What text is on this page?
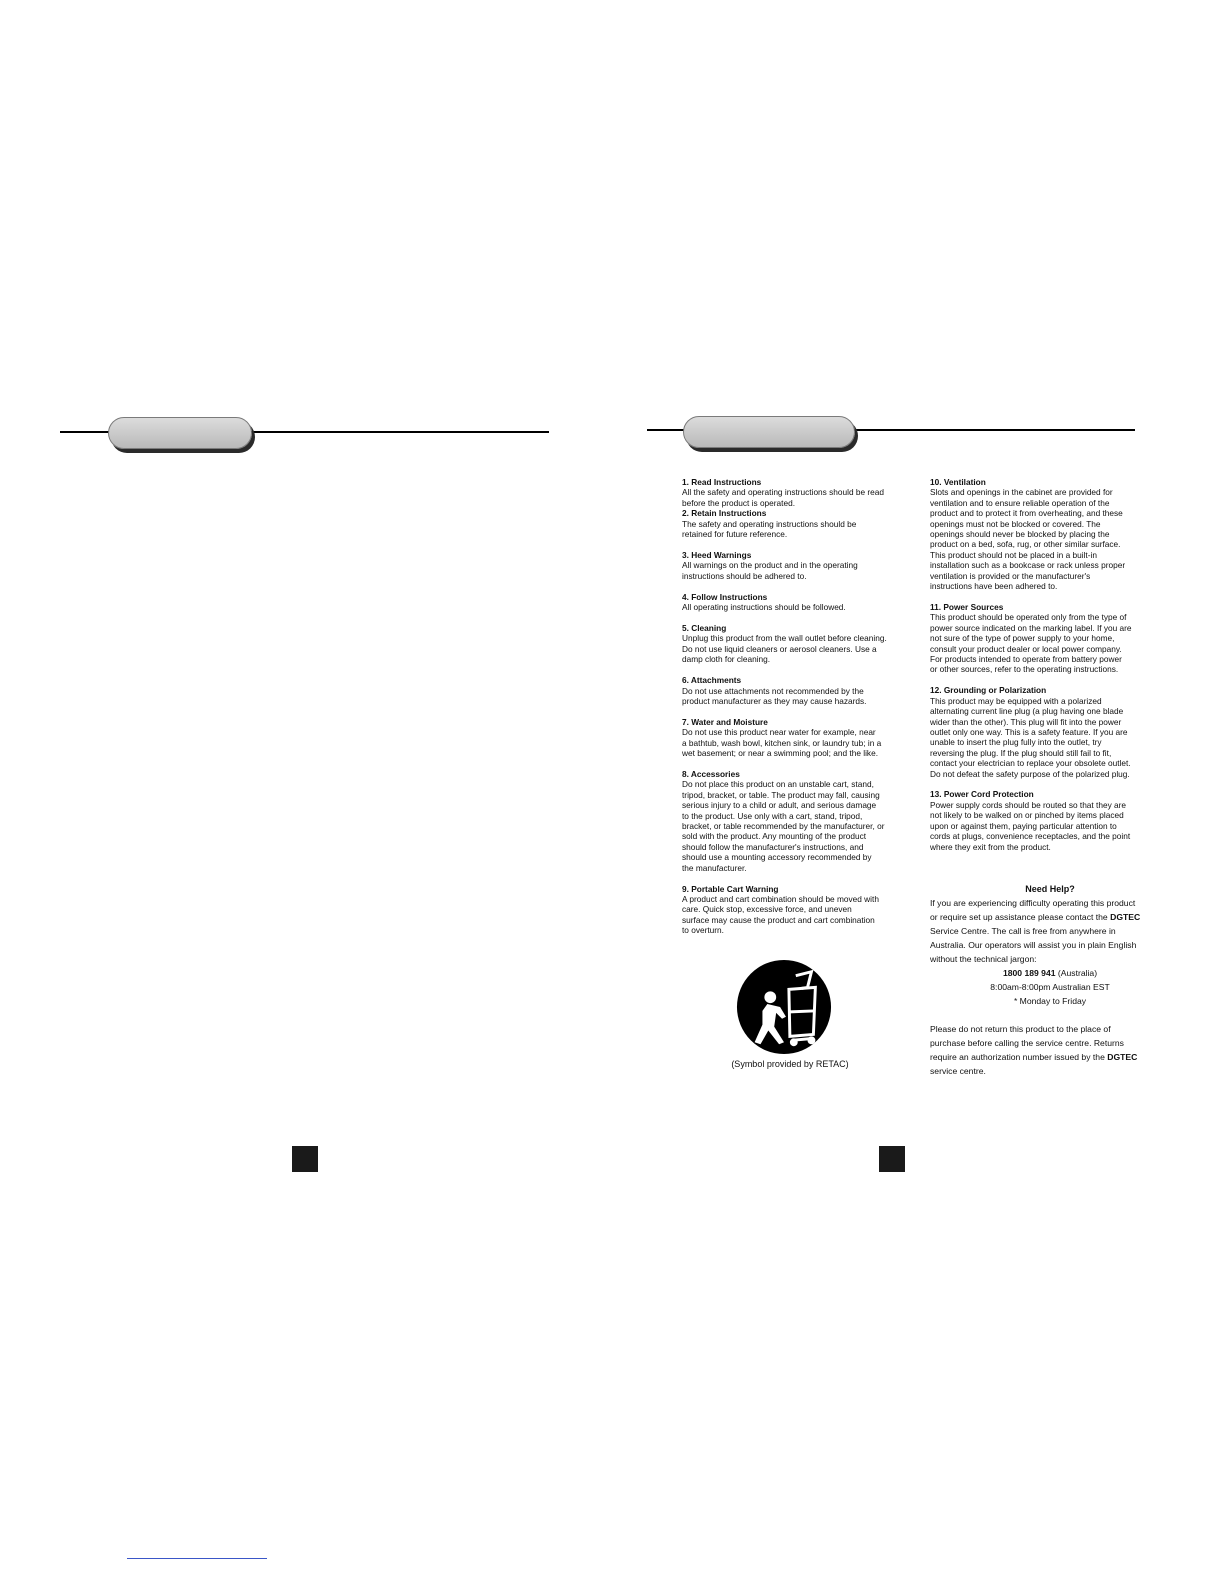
1. Read Instructions
All the safety and operating instructions should be read
before the product is operated.
2. Retain Instructions
The safety and operating instructions should be
retained for future reference.
3. Heed Warnings
All warnings on the product and in the operating
instructions should be adhered to.
4. Follow Instructions
All operating instructions should be followed.
5. Cleaning
Unplug this product from the wall outlet before cleaning.
Do not use liquid cleaners or aerosol cleaners. Use a
damp cloth for cleaning.
6. Attachments
Do not use attachments not recommended by the
product manufacturer as they may cause hazards.
7. Water and Moisture
Do not use this product near water for example, near
a bathtub, wash bowl, kitchen sink, or laundry tub; in a
wet basement; or near a swimming pool; and the like.
8. Accessories
Do not place this product on an unstable cart, stand,
tripod, bracket, or table. The product may fall, causing
serious injury to a child or adult, and serious damage
to the product. Use only with a cart, stand, tripod,
bracket, or table recommended by the manufacturer, or
sold with the product. Any mounting of the product
should follow the manufacturer's instructions, and
should use a mounting accessory recommended by
the manufacturer.
9. Portable Cart Warning
A product and cart combination should be moved with
care. Quick stop, excessive force, and uneven
surface may cause the product and cart combination
to overturn.
10. Ventilation
Slots and openings in the cabinet are provided for
ventilation and to ensure reliable operation of the
product and to protect it from overheating, and these
openings must not be blocked or covered. The
openings should never be blocked by placing the
product on a bed, sofa, rug, or other similar surface.
This product should not be placed in a built-in
installation such as a bookcase or rack unless proper
ventilation is provided or the manufacturer's
instructions have been adhered to.
11. Power Sources
This product should be operated only from the type of
power source indicated on the marking label. If you are
not sure of the type of power supply to your home,
consult your product dealer or local power company.
For products intended to operate from battery power
or other sources, refer to the operating instructions.
12. Grounding or Polarization
This product may be equipped with a polarized
alternating current line plug (a plug having one blade
wider than the other). This plug will fit into the power
outlet only one way. This is a safety feature. If you are
unable to insert the plug fully into the outlet, try
reversing the plug. If the plug should still fail to fit,
contact your electrician to replace your obsolete outlet.
Do not defeat the safety purpose of the polarized plug.
13. Power Cord Protection
Power supply cords should be routed so that they are
not likely to be walked on or pinched by items placed
upon or against them, paying particular attention to
cords at plugs, convenience receptacles, and the point
where they exit from the product.
(Symbol provided by RETAC)
Need Help?

If you are experiencing difficulty operating this product
or require set up assistance please contact the DGTEC
Service Centre. The call is free from anywhere in
Australia. Our operators will assist you in plain English
without the technical jargon:

1800 189 941 (Australia)
8:00am-8:00pm Australian EST
* Monday to Friday

Please do not return this product to the place of
purchase before calling the service centre. Returns
require an authorization number issued by the DGTEC
service centre.
